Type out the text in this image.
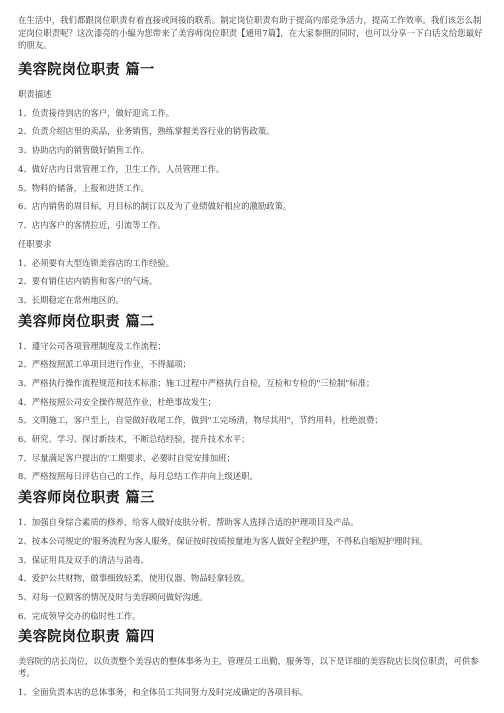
在生活中，我们都跟岗位职责有着直接或间接的联系。制定岗位职责有助于提高内部竞争活力，提高工作效率。我们该怎么制定岗位职责呢？这次漆亮的小编为您带来了美容师岗位职责【通用7篇】，在大家参照的同时，也可以分享一下白话文给您最好的朋友。

美容院岗位职责 篇一
职责描述
1、负责接待到店的客户，做好迎宾工作。
2、负责介绍店里的卖品，业务销售，熟练掌握美容行业的销售政策。
3、协助店内的销售做好销售工作。
4、做好店内日常管理工作，卫生工作，人员管理工作。
5、物料的储备，上报和进货工作。
6、店内销售的周目标，月目标的制订以及为了业绩做好相应的激励政策。
7、店内客户的客情拉近，引流等工作。
任职要求
1、必须要有大型连锁美容店的工作经验。
2、要有销住店内销售和客户的气场。
3、长期稳定在常州地区的。
美容师岗位职责 篇二
1、遵守公司各项管理制度及工作流程；
2、严格按照派工单项目进行作业，不得漏项；
3、严格执行操作流程规范和技术标准；施工过程中严格执行自检，互检和专检的"三检制"标准；
4、严格按照公司安全操作规范作业，杜绝事故发生；
5、文明施工，客户至上，自觉做好收尾工作，做到"工完场清，物尽其用"，节约用料，杜绝浪费；
6、研究、学习、探讨新技术，不断总结经验，提升技术水平；
7、尽量满足客户提出的'工期要求，必要时自觉安排加班；
8、严格按照每日评估自己的工作，每月总结工作并向上级述职。
美容师岗位职责 篇三
1、加强自身综合素质的修养，给客人做好皮肤分析，帮助客人选择合适的护理项目及产品。
2、按本公司规定的'服务流程为客人服务，保证按时按质按量地为客人做好全程护理，不得私自缩短护理时间。
3、保证用具及双手的清洁与消毒。
4、爱护公共财物，做事细致轻柔，使用仪器、物品轻拿轻放。
5、对每一位顾客的情况及时与美容顾问做好沟通。
6、完成领导交办的临时性工作。
美容院岗位职责 篇四

美容院的店长岗位，以负责整个美容店的整体事务为主，管理员工出勤，服务等，以下是详细的美容院店长岗位职责，可供参考。

1、全面负责本店的总体事务，和全体员工共同努力及时完成确定的各项目标。
